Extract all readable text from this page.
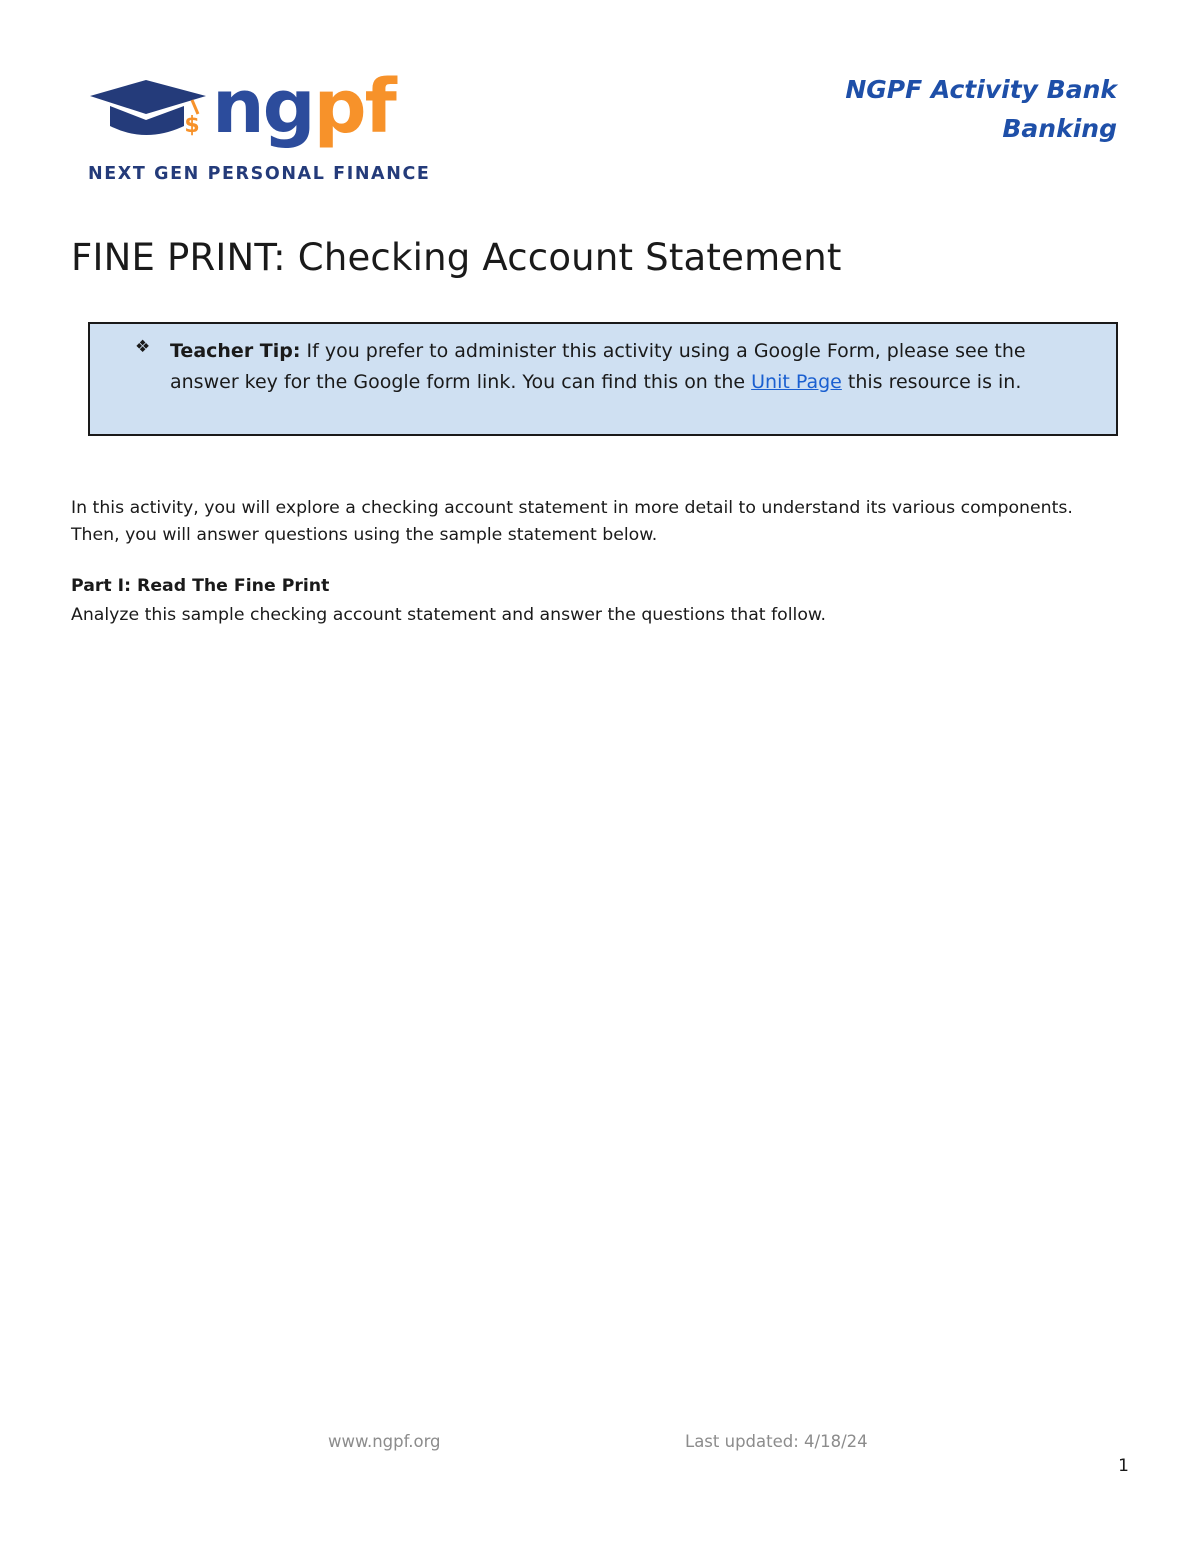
$ ngpf
NEXT GEN PERSONAL FINANCE
NGPF Activity Bank
Banking
FINE PRINT: Checking Account Statement
❖ Teacher Tip: If you prefer to administer this activity using a Google Form, please see the answer key for the Google form link. You can find this on the Unit Page this resource is in.

In this activity, you will explore a checking account statement in more detail to understand its various components. Then, you will answer questions using the sample statement below.

Part I: Read The Fine Print
Analyze this sample checking account statement and answer the questions that follow.
www.ngpf.org	Last updated: 4/18/24
1
